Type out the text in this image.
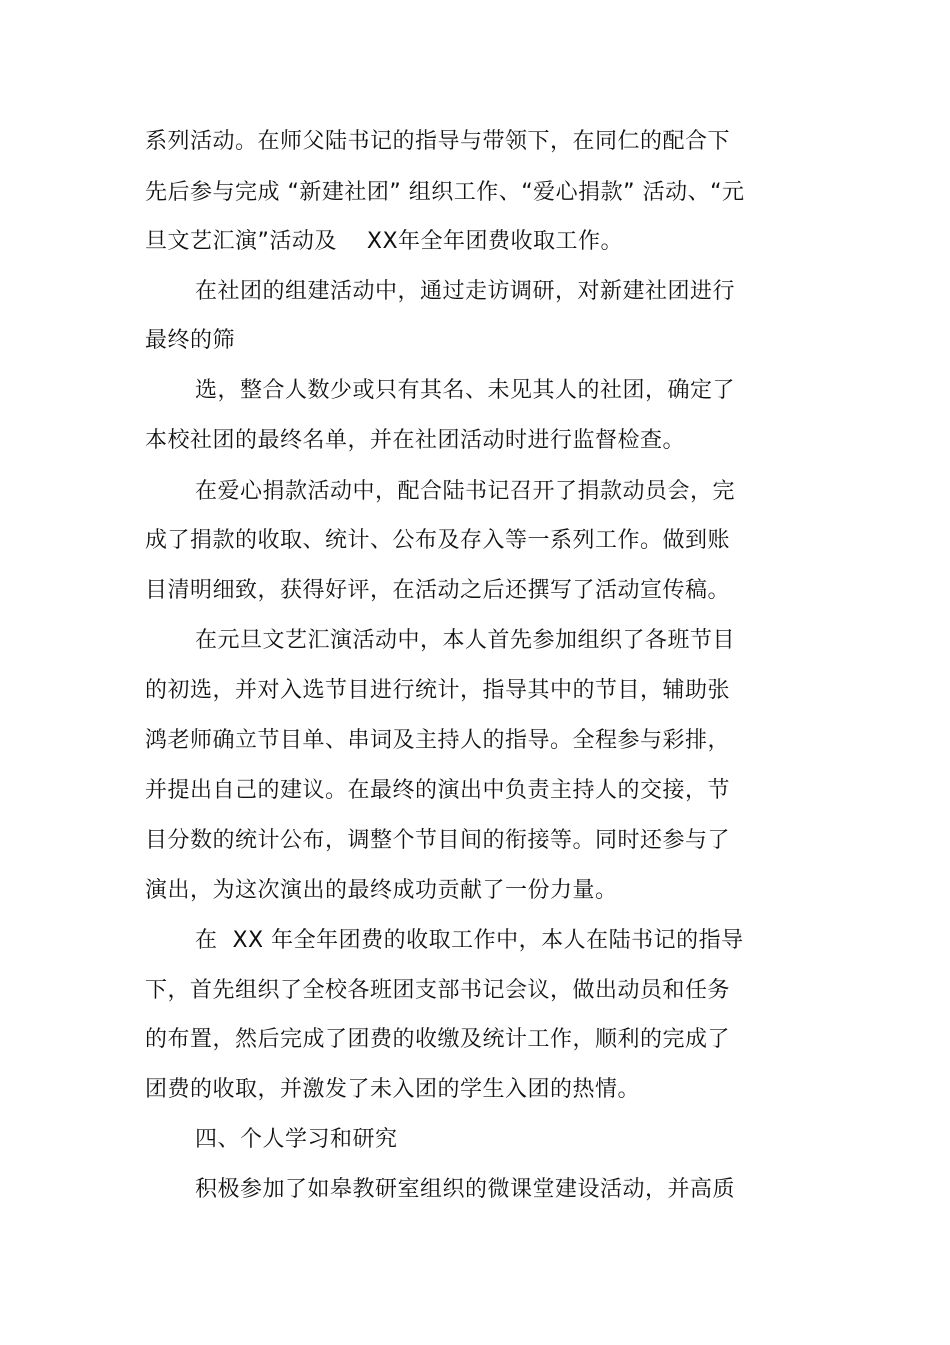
系列活动。在师父陆书记的指导与带领下，在同仁的配合下
先后参与完成 “新建社团” 组织工作、“爱心捐款” 活动、“元
旦文艺汇演”活动及    XX年全年团费收取工作。
在社团的组建活动中，通过走访调研，对新建社团进行
最终的筛
选，整合人数少或只有其名、未见其人的社团，确定了
本校社团的最终名单，并在社团活动时进行监督检查。
在爱心捐款活动中，配合陆书记召开了捐款动员会，完
成了捐款的收取、统计、公布及存入等一系列工作。做到账
目清明细致，获得好评，在活动之后还撰写了活动宣传稿。
在元旦文艺汇演活动中，本人首先参加组织了各班节目
的初选，并对入选节目进行统计，指导其中的节目，辅助张
鸿老师确立节目单、串词及主持人的指导。全程参与彩排，
并提出自己的建议。在最终的演出中负责主持人的交接，节
目分数的统计公布，调整个节目间的衔接等。同时还参与了
演出，为这次演出的最终成功贡献了一份力量。
在  XX 年全年团费的收取工作中，本人在陆书记的指导
下，首先组织了全校各班团支部书记会议，做出动员和任务
的布置，然后完成了团费的收缴及统计工作，顺利的完成了
团费的收取，并激发了未入团的学生入团的热情。
四、个人学习和研究
积极参加了如皋教研室组织的微课堂建设活动，并高质
